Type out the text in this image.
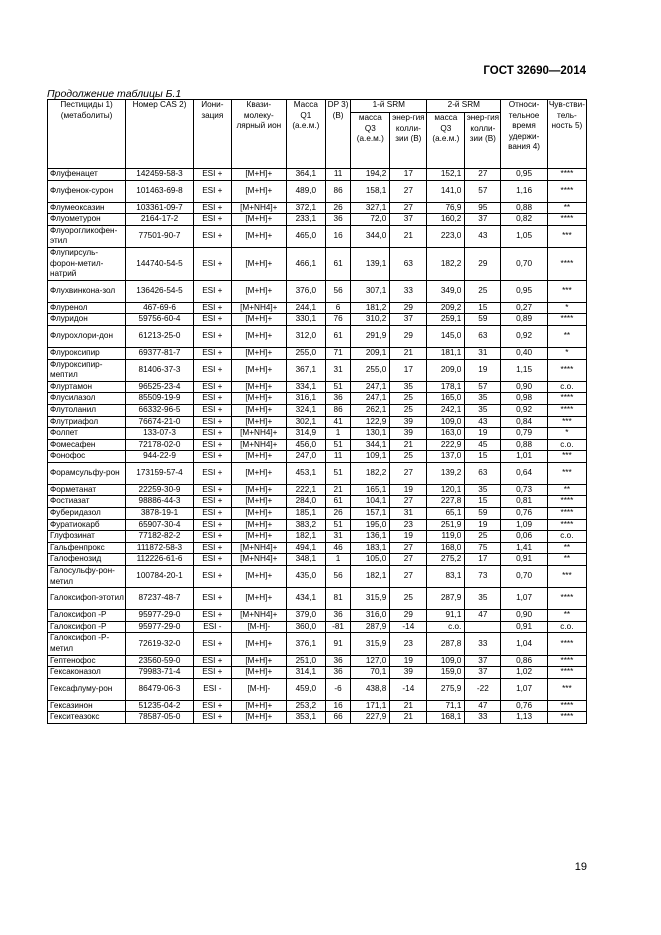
ГОСТ 32690—2014
Продолжение таблицы Б.1
Пестициды 1) (метаболиты)	Номер CAS 2)	Иони-зация	Квази-молеку-лярный ион	Масса Q1 (а.е.м.)	DP 3) (В)	1-й SRM		2-й SRM		Относи-тельное время удержи-вания 4)	Чув-стви-тель-ность 5)
						масса Q3 (а.е.м.)	энер-гия колли-зии (В)	масса Q3 (а.е.м.)	энер-гия колли-зии (В)		
Флуфенацет	142459-58-3	ESI +	[M+H]+	364,1	11	194,2	17	152,1	27	0,95	****
Флуфенок-сурон	101463-69-8	ESI +	[M+H]+	489,0	86	158,1	27	141,0	57	1,16	****
Флумеоксазин	103361-09-7	ESI +	[M+NH4]+	372,1	26	327,1	27	76,9	95	0,88	**
Флуометурон	2164-17-2	ESI +	[M+H]+	233,1	36	72,0	37	160,2	37	0,82	****
Флуорогликофен-этил	77501-90-7	ESI +	[M+H]+	465,0	16	344,0	21	223,0	43	1,05	***
Флупирсуль-форон-метил-натрий	144740-54-5	ESI +	[M+H]+	466,1	61	139,1	63	182,2	29	0,70	****
Флухвинкона-зол	136426-54-5	ESI +	[M+H]+	376,0	56	307,1	33	349,0	25	0,95	***
Флуренол	467-69-6	ESI +	[M+NH4]+	244,1	6	181,2	29	209,2	15	0,27	*
Флуридон	59756-60-4	ESI +	[M+H]+	330,1	76	310,2	37	259,1	59	0,89	****
Флурохлори-дон	61213-25-0	ESI +	[M+H]+	312,0	61	291,9	29	145,0	63	0,92	**
Флуроксипир	69377-81-7	ESI +	[M+H]+	255,0	71	209,1	21	181,1	31	0,40	*
Флуроксипир-мептил	81406-37-3	ESI +	[M+H]+	367,1	31	255,0	17	209,0	19	1,15	****
Флуртамон	96525-23-4	ESI +	[M+H]+	334,1	51	247,1	35	178,1	57	0,90	с.о.
Флусилазол	85509-19-9	ESI +	[M+H]+	316,1	36	247,1	25	165,0	35	0,98	****
Флутоланил	66332-96-5	ESI +	[M+H]+	324,1	86	262,1	25	242,1	35	0,92	****
Флутриафол	76674-21-0	ESI +	[M+H]+	302,1	41	122,9	39	109,0	43	0,84	***
Фолпет	133-07-3	ESI +	[M+NH4]+	314,9	1	130,1	39	163,0	19	0,79	*
Фомесафен	72178-02-0	ESI +	[M+NH4]+	456,0	51	344,1	21	222,9	45	0,88	с.о.
Фонофос	944-22-9	ESI +	[M+H]+	247,0	11	109,1	25	137,0	15	1,01	***
Форамсульфу-рон	173159-57-4	ESI +	[M+H]+	453,1	51	182,2	27	139,2	63	0,64	***
Форметанат	22259-30-9	ESI +	[M+H]+	222,1	21	165,1	19	120,1	35	0,73	**
Фостиазат	98886-44-3	ESI +	[M+H]+	284,0	61	104,1	27	227,8	15	0,81	****
Фуберидазол	3878-19-1	ESI +	[M+H]+	185,1	26	157,1	31	65,1	59	0,76	****
Фуратиокарб	65907-30-4	ESI +	[M+H]+	383,2	51	195,0	23	251,9	19	1,09	****
Глуфозинат	77182-82-2	ESI +	[M+H]+	182,1	31	136,1	19	119,0	25	0,06	с.о.
Гальфенпрокс	111872-58-3	ESI +	[M+NH4]+	494,1	46	183,1	27	168,0	75	1,41	**
Галофенозид	112226-61-6	ESI +	[M+NH4]+	348,1	1	105,0	27	275,2	17	0,91	**
Галосульфу-рон-метил	100784-20-1	ESI +	[M+H]+	435,0	56	182,1	27	83,1	73	0,70	***
Галоксифоп-этотил	87237-48-7	ESI +	[M+H]+	434,1	81	315,9	25	287,9	35	1,07	****
Галоксифоп -Р	95977-29-0	ESI +	[M+NH4]+	379,0	36	316,0	29	91,1	47	0,90	**
Галоксифоп -Р	95977-29-0	ESI -	[M-H]-	360,0	-81	287,9	-14	с.о.		0,91	с.о.
Галоксифоп -Р-метил	72619-32-0	ESI +	[M+H]+	376,1	91	315,9	23	287,8	33	1,04	****
Гептенофос	23560-59-0	ESI +	[M+H]+	251,0	36	127,0	19	109,0	37	0,86	****
Гексаконазол	79983-71-4	ESI +	[M+H]+	314,1	36	70,1	39	159,0	37	1,02	****
Гексафлуму-рон	86479-06-3	ESI -	[M-H]-	459,0	-6	438,8	-14	275,9	-22	1,07	***
Гексазинон	51235-04-2	ESI +	[M+H]+	253,2	16	171,1	21	71,1	47	0,76	****
Гекситеазокс	78587-05-0	ESI +	[M+H]+	353,1	66	227,9	21	168,1	33	1,13	****
19
